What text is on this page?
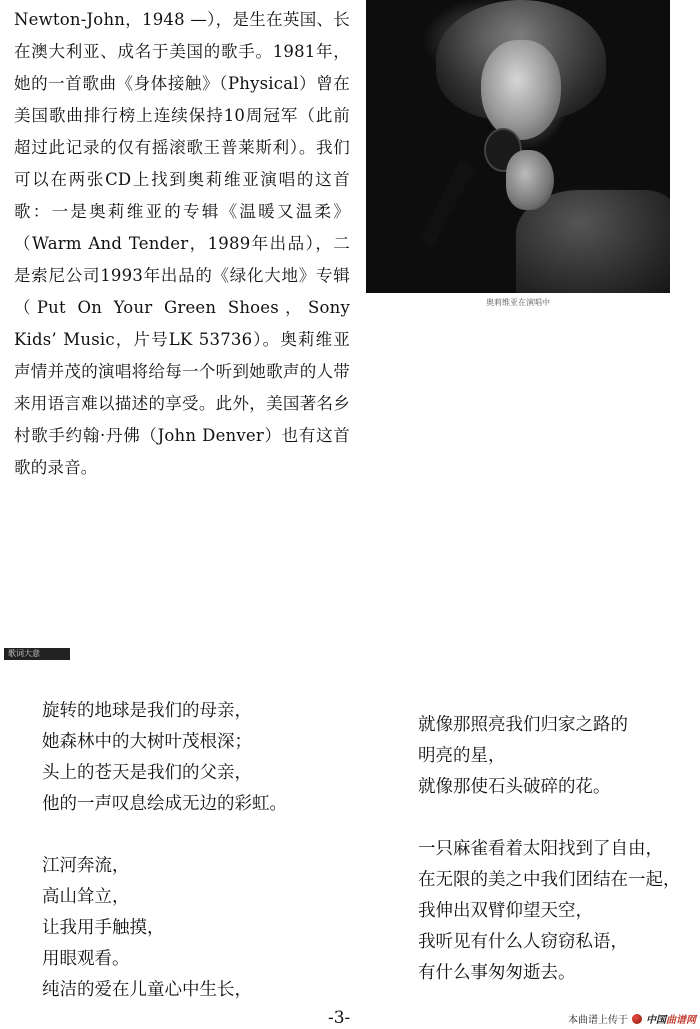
Newton-John，1948 —），是生在英国、长在澳大利亚、成名于美国的歌手。1981年，她的一首歌曲《身体接触》（Physical）曾在美国歌曲排行榜上连续保持10周冠军（此前超过此记录的仅有摇滚歌王普莱斯利）。我们可以在两张CD上找到奥莉维亚演唱的这首歌：一是奥莉维亚的专辑《温暖又温柔》（Warm And Tender，1989年出品），二是索尼公司1993年出品的《绿化大地》专辑（Put On Your Green Shoes，Sony Kids’ Music，片号LK 53736）。奥莉维亚声情并茂的演唱将给每一个听到她歌声的人带来用语言难以描述的享受。此外，美国著名乡村歌手约翰·丹佛（John Denver）也有这首歌的录音。

奥莉维亚在演唱中
歌词大意
旋转的地球是我们的母亲，
她森林中的大树叶茂根深；
头上的苍天是我们的父亲，
他的一声叹息绘成无边的彩虹。
江河奔流，
高山耸立，
让我用手触摸，
用眼观看。
纯洁的爱在儿童心中生长，
就像那照亮我们归家之路的
明亮的星，
就像那使石头破碎的花。
一只麻雀看着太阳找到了自由，
在无限的美之中我们团结在一起，
我伸出双臂仰望天空，
我听见有什么人窃窃私语，
有什么事匆匆逝去。
-3-	本曲谱上传于 中国曲谱网
